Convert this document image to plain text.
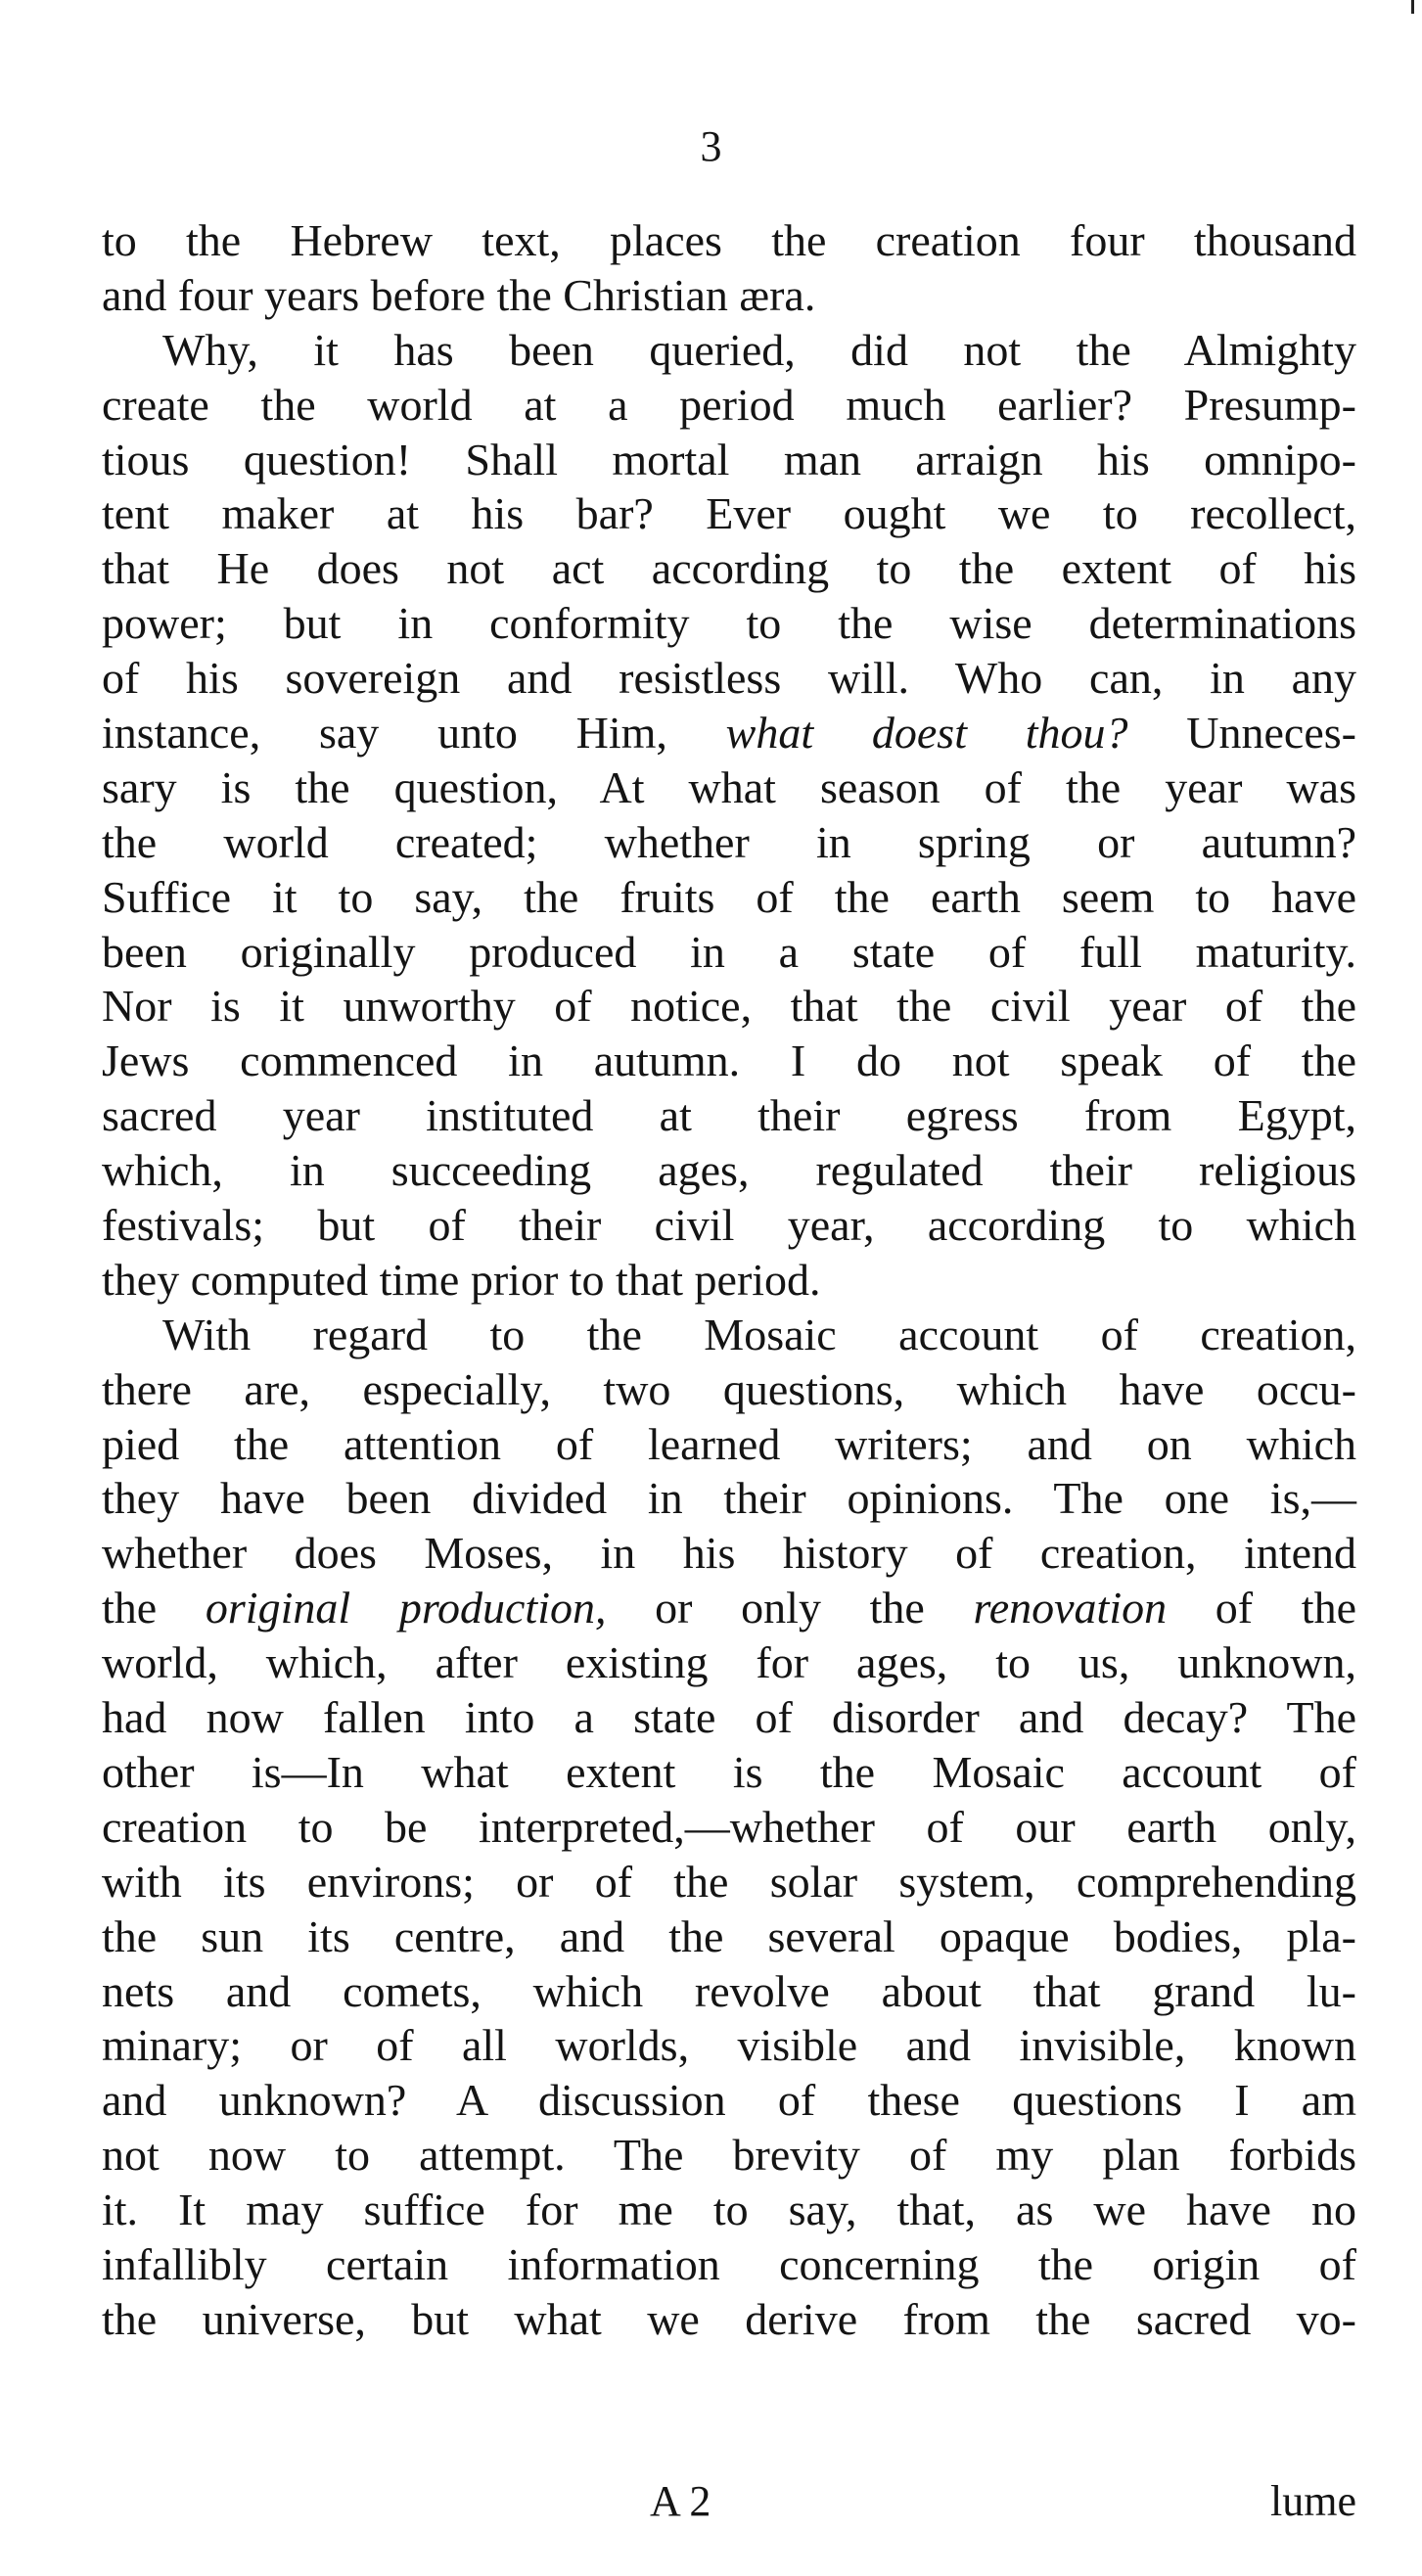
3
to the Hebrew text, places the creation four thousand
and four years before the Christian æra.
Why, it has been queried, did not the Almighty
create the world at a period much earlier? Presump-
tious question! Shall mortal man arraign his omnipo-
tent maker at his bar? Ever ought we to recollect,
that He does not act according to the extent of his
power; but in conformity to the wise determinations
of his sovereign and resistless will. Who can, in any
instance, say unto Him, what doest thou? Unneces-
sary is the question, At what season of the year was
the world created; whether in spring or autumn?
Suffice it to say, the fruits of the earth seem to have
been originally produced in a state of full maturity.
Nor is it unworthy of notice, that the civil year of the
Jews commenced in autumn. I do not speak of the
sacred year instituted at their egress from Egypt,
which, in succeeding ages, regulated their religious
festivals; but of their civil year, according to which
they computed time prior to that period.
With regard to the Mosaic account of creation,
there are, especially, two questions, which have occu-
pied the attention of learned writers; and on which
they have been divided in their opinions. The one is,—
whether does Moses, in his history of creation, intend
the original production, or only the renovation of the
world, which, after existing for ages, to us, unknown,
had now fallen into a state of disorder and decay? The
other is—In what extent is the Mosaic account of
creation to be interpreted,—whether of our earth only,
with its environs; or of the solar system, comprehending
the sun its centre, and the several opaque bodies, pla-
nets and comets, which revolve about that grand lu-
minary; or of all worlds, visible and invisible, known
and unknown? A discussion of these questions I am
not now to attempt. The brevity of my plan forbids
it. It may suffice for me to say, that, as we have no
infallibly certain information concerning the origin of
the universe, but what we derive from the sacred vo-
A 2	lume
